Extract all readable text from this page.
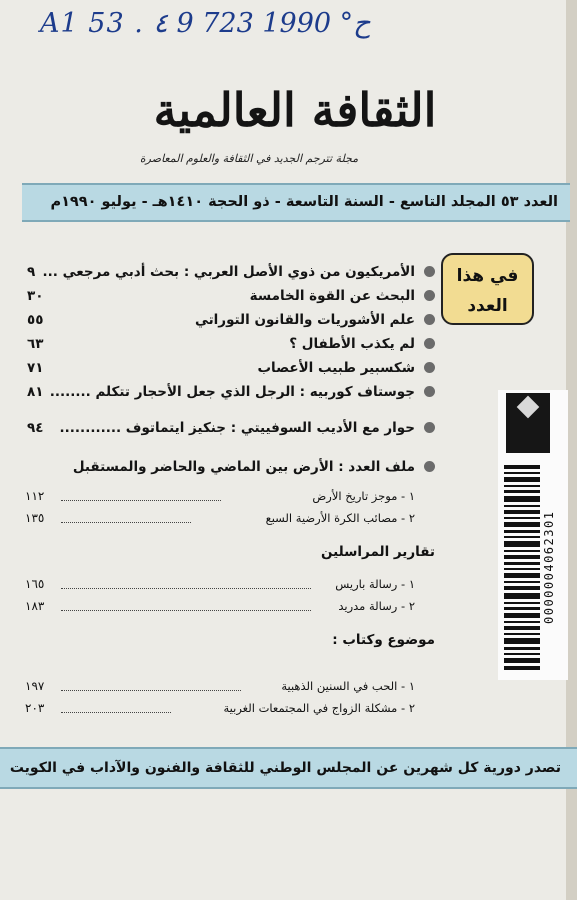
A1 53 . ٤ 9 ح° 1990 723
الثقافة العالمية
مجلة تترجم الجديد في الثقافة والعلوم المعاصرة
العدد ٥٣ المجلد التاسع - السنة التاسعة - ذو الحجة ١٤١٠هـ - يوليو ١٩٩٠م
في هذا
العدد
الأمريكيون من ذوي الأصل العربي : بحث أدبي مرجعي ...
٩
البحث عن القوة الخامسة
٣٠
علم الأشوريات والقانون التوراتي
٥٥
لم يكذب الأطفال ؟
٦٣
شكسبير طبيب الأعصاب
٧١
جوستاف كوربيه : الرجل الذي جعل الأحجار تتكلم ........
٨١
حوار مع الأديب السوفييتي : جنكيز ايتماتوف ............
٩٤
ملف العدد : الأرض بين الماضي والحاضر والمستقبل
١ - موجز تاريخ الأرض
١١٢
٢ - مصائب الكرة الأرضية السبع
١٣٥
تقارير المراسلين
١ - رسالة باريس
١٦٥
٢ - رسالة مدريد
١٨٣
موضوع وكتاب :
١ - الحب في السنين الذهبية
١٩٧
٢ - مشكلة الزواج في المجتمعات الغربية
٢٠٣
0000004062301
تصدر دورية كل شهرين عن المجلس الوطني للثقافة والفنون والآداب في الكويت
